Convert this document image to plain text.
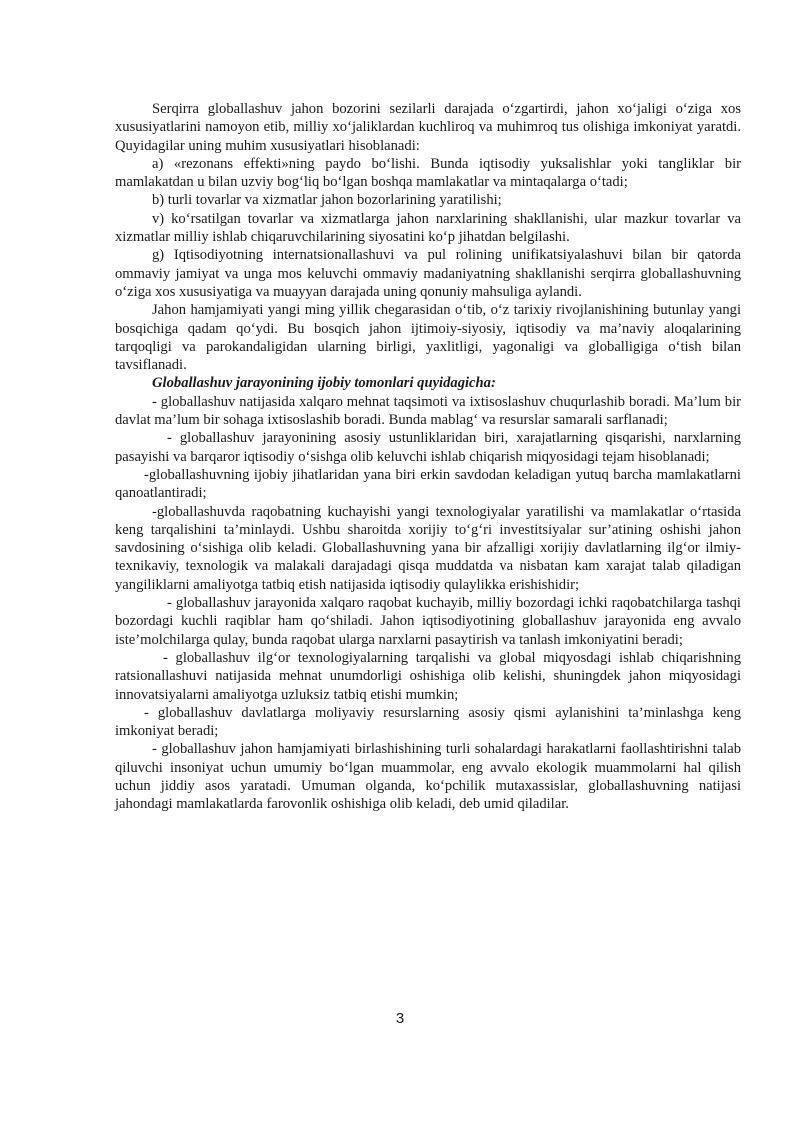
Serqirra globallashuv jahon bozorini sezilarli darajada o‘zgartirdi, jahon xo‘jaligi o‘ziga xos xususiyatlarini namoyon etib, milliy xo‘jaliklardan kuchliroq va muhimroq tus olishiga imkoniyat yaratdi. Quyidagilar uning muhim xususiyatlari hisoblanadi:

a) «rezonans effekti»ning paydo bo‘lishi. Bunda iqtisodiy yuksalishlar yoki tangliklar bir mamlakatdan u bilan uzviy bog‘liq bo‘lgan boshqa mamlakatlar va mintaqalarga o‘tadi;

b) turli tovarlar va xizmatlar jahon bozorlarining yaratilishi;

v) ko‘rsatilgan tovarlar va xizmatlarga jahon narxlarining shakllanishi, ular mazkur tovarlar va xizmatlar milliy ishlab chiqaruvchilarining siyosatini ko‘p jihatdan belgilashi.

g) Iqtisodiyotning internatsionallashuvi va pul rolining unifikatsiyalashuvi bilan bir qatorda ommaviy jamiyat va unga mos keluvchi ommaviy madaniyatning shakllanishi serqirra globallashuvning o‘ziga xos xususiyatiga va muayyan darajada uning qonuniy mahsuliga aylandi.

Jahon hamjamiyati yangi ming yillik chegarasidan o‘tib, o‘z tarixiy rivojlanishining butunlay yangi bosqichiga qadam qo‘ydi. Bu bosqich jahon ijtimoiy-siyosiy, iqtisodiy va ma’naviy aloqalarining tarqoqligi va parokandaligidan ularning birligi, yaxlitligi, yagonaligi va globalligiga o‘tish bilan tavsiflanadi.

Globallashuv jarayonining ijobiy tomonlari quyidagicha:

- globallashuv natijasida xalqaro mehnat taqsimoti va ixtisoslashuv chuqurlashib boradi. Ma’lum bir davlat ma’lum bir sohaga ixtisoslashib boradi. Bunda mablag‘ va resurslar samarali sarflanadi;

- globallashuv jarayonining asosiy ustunliklaridan biri, xarajatlarning qisqarishi, narxlarning pasayishi va barqaror iqtisodiy o‘sishga olib keluvchi ishlab chiqarish miqyosidagi tejam hisoblanadi;

-globallashuvning ijobiy jihatlaridan yana biri erkin savdodan keladigan yutuq barcha mamlakatlarni qanoatlantiradi;

-globallashuvda raqobatning kuchayishi yangi texnologiyalar yaratilishi va mamlakatlar o‘rtasida keng tarqalishini ta’minlaydi. Ushbu sharoitda xorijiy to‘g‘ri investitsiyalar sur’atining oshishi jahon savdosining o‘sishiga olib keladi. Globallashuvning yana bir afzalligi xorijiy davlatlarning ilg‘or ilmiy-texnikaviy, texnologik va malakali darajadagi qisqa muddatda va nisbatan kam xarajat talab qiladigan yangiliklarni amaliyotga tatbiq etish natijasida iqtisodiy qulaylikka erishishidir;

- globallashuv jarayonida xalqaro raqobat kuchayib, milliy bozordagi ichki raqobatchilarga tashqi bozordagi kuchli raqiblar ham qo‘shiladi. Jahon iqtisodiyotining globallashuv jarayonida eng avvalo iste’molchilarga qulay, bunda raqobat ularga narxlarni pasaytirish va tanlash imkoniyatini beradi;

- globallashuv ilg‘or texnologiyalarning tarqalishi va global miqyosdagi ishlab chiqarishning ratsionallashuvi natijasida mehnat unumdorligi oshishiga olib kelishi, shuningdek jahon miqyosidagi innovatsiyalarni amaliyotga uzluksiz tatbiq etishi mumkin;

- globallashuv davlatlarga moliyaviy resurslarning asosiy qismi aylanishini ta’minlashga keng imkoniyat beradi;

- globallashuv jahon hamjamiyati birlashishining turli sohalardagi harakatlarni faollashtirishni talab qiluvchi insoniyat uchun umumiy bo‘lgan muammolar, eng avvalo ekologik muammolarni hal qilish uchun jiddiy asos yaratadi. Umuman olganda, ko‘pchilik mutaxassislar, globallashuvning natijasi jahondagi mamlakatlarda farovonlik oshishiga olib keladi, deb umid qiladilar.

3
